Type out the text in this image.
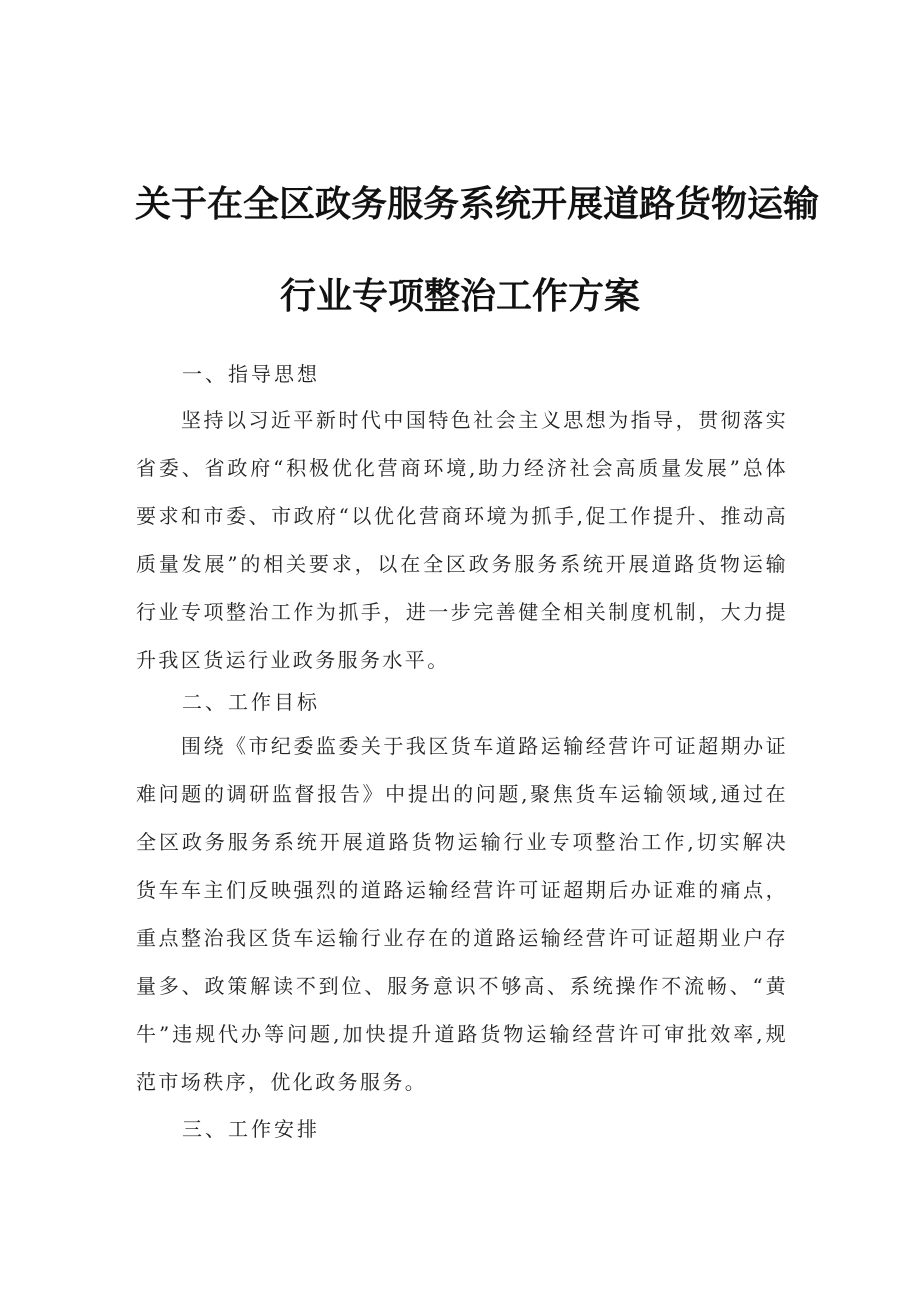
关于在全区政务服务系统开展道路货物运输
行业专项整治工作方案
一、指导思想
坚持以习近平新时代中国特色社会主义思想为指导，贯彻落实省委、省政府“积极优化营商环境,助力经济社会高质量发展”总体要求和市委、市政府“以优化营商环境为抓手,促工作提升、推动高质量发展”的相关要求，以在全区政务服务系统开展道路货物运输行业专项整治工作为抓手，进一步完善健全相关制度机制，大力提升我区货运行业政务服务水平。
二、工作目标
围绕《市纪委监委关于我区货车道路运输经营许可证超期办证难问题的调研监督报告》中提出的问题,聚焦货车运输领域,通过在全区政务服务系统开展道路货物运输行业专项整治工作,切实解决货车车主们反映强烈的道路运输经营许可证超期后办证难的痛点，重点整治我区货车运输行业存在的道路运输经营许可证超期业户存量多、政策解读不到位、服务意识不够高、系统操作不流畅、“黄牛”违规代办等问题,加快提升道路货物运输经营许可审批效率,规范市场秩序，优化政务服务。
三、工作安排
